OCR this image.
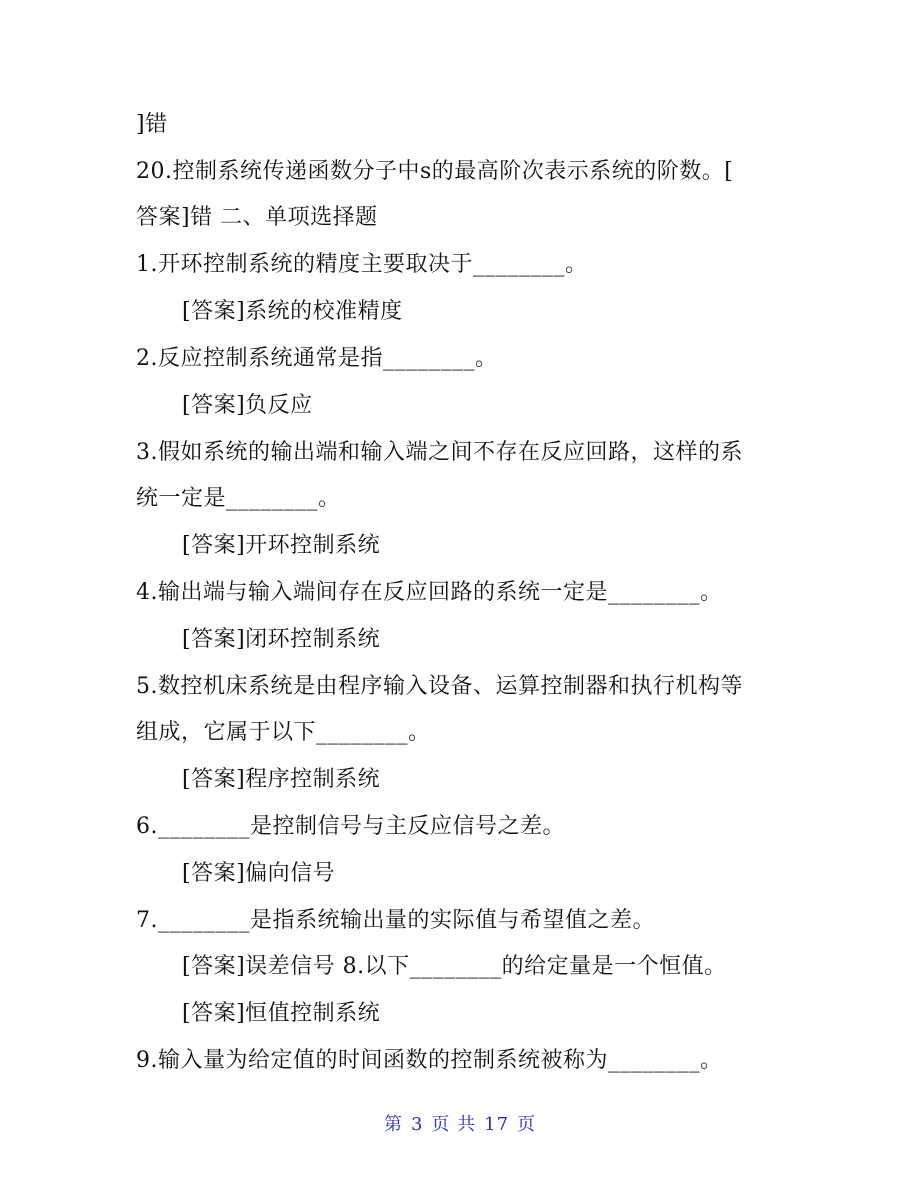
]错
20.控制系统传递函数分子中s的最高阶次表示系统的阶数。[
答案]错 二、单项选择题
1.开环控制系统的精度主要取决于________。
[答案]系统的校准精度
2.反应控制系统通常是指________。
[答案]负反应
3.假如系统的输出端和输入端之间不存在反应回路，这样的系
统一定是________。
[答案]开环控制系统
4.输出端与输入端间存在反应回路的系统一定是________。
[答案]闭环控制系统
5.数控机床系统是由程序输入设备、运算控制器和执行机构等
组成，它属于以下________。
[答案]程序控制系统
6.________是控制信号与主反应信号之差。
[答案]偏向信号
7.________是指系统输出量的实际值与希望值之差。
[答案]误差信号 8.以下________的给定量是一个恒值。
[答案]恒值控制系统
9.输入量为给定值的时间函数的控制系统被称为________。
第 3 页 共 17 页
